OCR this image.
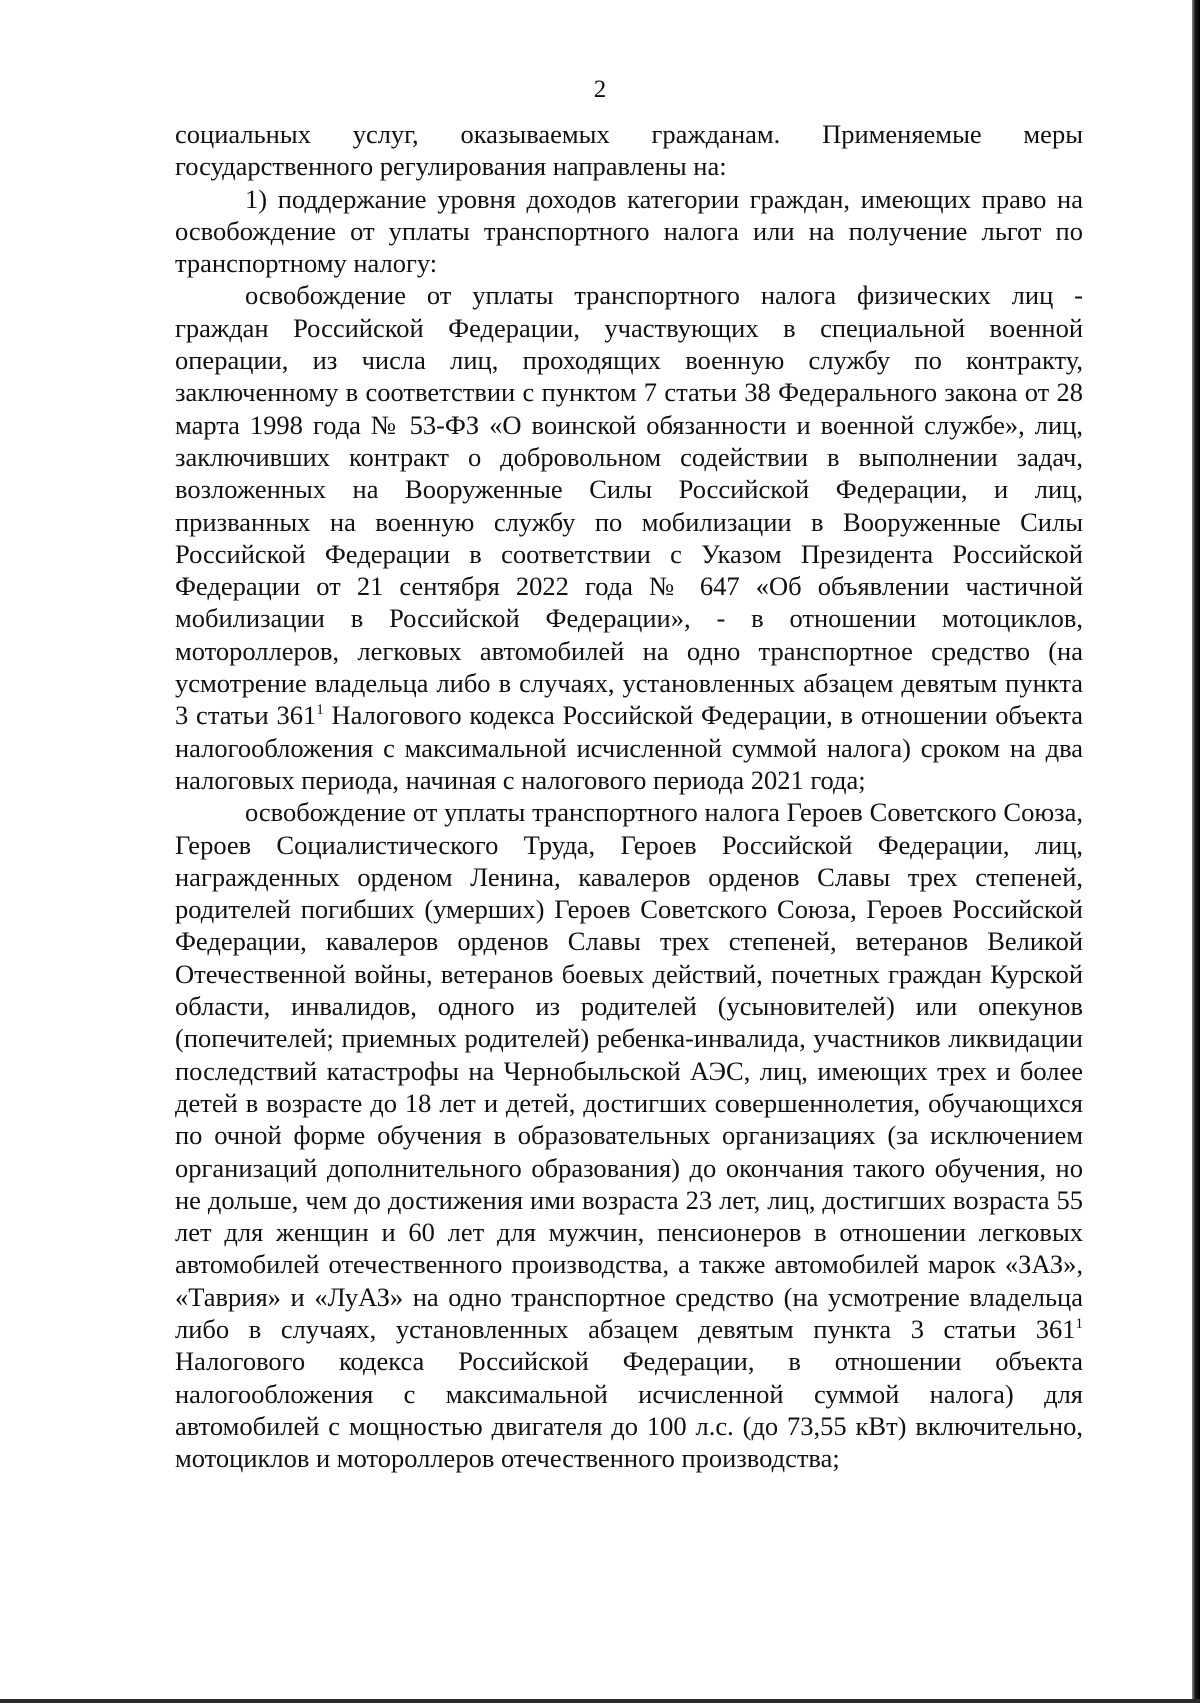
2

социальных услуг, оказываемых гражданам. Применяемые меры государственного регулирования направлены на:

1) поддержание уровня доходов категории граждан, имеющих право на освобождение от уплаты транспортного налога или на получение льгот по транспортному налогу:

освобождение от уплаты транспортного налога физических лиц - граждан Российской Федерации, участвующих в специальной военной операции, из числа лиц, проходящих военную службу по контракту, заключенному в соответствии с пунктом 7 статьи 38 Федерального закона от 28 марта 1998 года № 53-ФЗ «О воинской обязанности и военной службе», лиц, заключивших контракт о добровольном содействии в выполнении задач, возложенных на Вооруженные Силы Российской Федерации, и лиц, призванных на военную службу по мобилизации в Вооруженные Силы Российской Федерации в соответствии с Указом Президента Российской Федерации от 21 сентября 2022 года № 647 «Об объявлении частичной мобилизации в Российской Федерации», - в отношении мотоциклов, мотороллеров, легковых автомобилей на одно транспортное средство (на усмотрение владельца либо в случаях, установленных абзацем девятым пункта 3 статьи $361^1$ Налогового кодекса Российской Федерации, в отношении объекта налогообложения с максимальной исчисленной суммой налога) сроком на два налоговых периода, начиная с налогового периода 2021 года;

освобождение от уплаты транспортного налога Героев Советского Союза, Героев Социалистического Труда, Героев Российской Федерации, лиц, награжденных орденом Ленина, кавалеров орденов Славы трех степеней, родителей погибших (умерших) Героев Советского Союза, Героев Российской Федерации, кавалеров орденов Славы трех степеней, ветеранов Великой Отечественной войны, ветеранов боевых действий, почетных граждан Курской области, инвалидов, одного из родителей (усыновителей) или опекунов (попечителей; приемных родителей) ребенка-инвалида, участников ликвидации последствий катастрофы на Чернобыльской АЭС, лиц, имеющих трех и более детей в возрасте до 18 лет и детей, достигших совершеннолетия, обучающихся по очной форме обучения в образовательных организациях (за исключением организаций дополнительного образования) до окончания такого обучения, но не дольше, чем до достижения ими возраста 23 лет, лиц, достигших возраста 55 лет для женщин и 60 лет для мужчин, пенсионеров в отношении легковых автомобилей отечественного производства, а также автомобилей марок «ЗАЗ», «Таврия» и «ЛуАЗ» на одно транспортное средство (на усмотрение владельца либо в случаях, установленных абзацем девятым пункта 3 статьи $361^1$ Налогового кодекса Российской Федерации, в отношении объекта налогообложения с максимальной исчисленной суммой налога) для автомобилей с мощностью двигателя до 100 л.с. (до 73,55 кВт) включительно, мотоциклов и мотороллеров отечественного производства;
